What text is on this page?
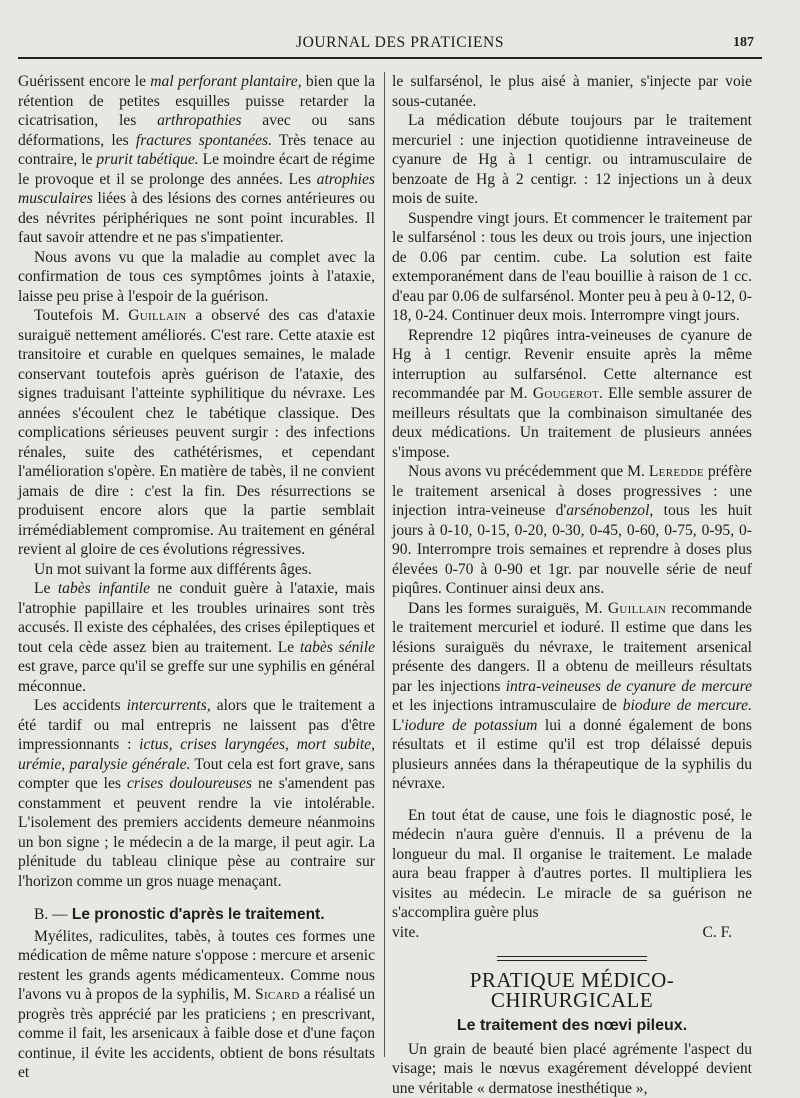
JOURNAL DES PRATICIENS	187

Guérissent encore le mal perforant plantaire, bien que la rétention de petites esquilles puisse retarder la cicatrisation, les arthropathies avec ou sans déformations, les fractures spontanées. Très tenace au contraire, le prurit tabétique. Le moindre écart de régime le provoque et il se prolonge des années. Les atrophies musculaires liées à des lésions des cornes antérieures ou des névrites périphériques ne sont point incurables. Il faut savoir attendre et ne pas s'impatienter.

Nous avons vu que la maladie au complet avec la confirmation de tous ces symptômes joints à l'ataxie, laisse peu prise à l'espoir de la guérison.

Toutefois M. Guillain a observé des cas d'ataxie suraiguë nettement améliorés. C'est rare. Cette ataxie est transitoire et curable en quelques semaines, le malade conservant toutefois après guérison de l'ataxie, des signes traduisant l'atteinte syphilitique du névraxe. Les années s'écoulent chez le tabétique classique. Des complications sérieuses peuvent surgir : des infections rénales, suite des cathétérismes, et cependant l'amélioration s'opère. En matière de tabès, il ne convient jamais de dire : c'est la fin. Des résurrections se produisent encore alors que la partie semblait irrémédiablement compromise. Au traitement en général revient al gloire de ces évolutions régressives.

Un mot suivant la forme aux différents âges.

Le tabès infantile ne conduit guère à l'ataxie, mais l'atrophie papillaire et les troubles urinaires sont très accusés. Il existe des céphalées, des crises épileptiques et tout cela cède assez bien au traitement. Le tabès sénile est grave, parce qu'il se greffe sur une syphilis en général méconnue.

Les accidents intercurrents, alors que le traitement a été tardif ou mal entrepris ne laissent pas d'être impressionnants : ictus, crises laryngées, mort subite, urémie, paralysie générale. Tout cela est fort grave, sans compter que les crises douloureuses ne s'amendent pas constamment et peuvent rendre la vie intolérable. L'isolement des premiers accidents demeure néanmoins un bon signe ; le médecin a de la marge, il peut agir. La plénitude du tableau clinique pèse au contraire sur l'horizon comme un gros nuage menaçant.

B. — Le pronostic d'après le traitement.

Myélites, radiculites, tabès, à toutes ces formes une médication de même nature s'oppose : mercure et arsenic restent les grands agents médicamenteux. Comme nous l'avons vu à propos de la syphilis, M. Sicard a réalisé un progrès très apprécié par les praticiens ; en prescrivant, comme il fait, les arsenicaux à faible dose et d'une façon continue, il évite les accidents, obtient de bons résultats et

le sulfarsénol, le plus aisé à manier, s'injecte par voie sous-cutanée.

La médication débute toujours par le traitement mercuriel : une injection quotidienne intraveineuse de cyanure de Hg à 1 centigr. ou intramusculaire de benzoate de Hg à 2 centigr. : 12 injections un à deux mois de suite.

Suspendre vingt jours. Et commencer le traitement par le sulfarsénol : tous les deux ou trois jours, une injection de 0.06 par centim. cube. La solution est faite extemporanément dans de l'eau bouillie à raison de 1 cc. d'eau par 0.06 de sulfarsénol. Monter peu à peu à 0-12, 0-18, 0-24. Continuer deux mois. Interrompre vingt jours.

Reprendre 12 piqûres intra-veineuses de cyanure de Hg à 1 centigr. Revenir ensuite après la même interruption au sulfarsénol. Cette alternance est recommandée par M. Gougerot. Elle semble assurer de meilleurs résultats que la combinaison simultanée des deux médications. Un traitement de plusieurs années s'impose.

Nous avons vu précédemment que M. Leredde préfère le traitement arsenical à doses progressives : une injection intra-veineuse d'arsénobenzol, tous les huit jours à 0-10, 0-15, 0-20, 0-30, 0-45, 0-60, 0-75, 0-95, 0-90. Interrompre trois semaines et reprendre à doses plus élevées 0-70 à 0-90 et 1gr. par nouvelle série de neuf piqûres. Continuer ainsi deux ans.

Dans les formes suraiguës, M. Guillain recommande le traitement mercuriel et ioduré. Il estime que dans les lésions suraiguës du névraxe, le traitement arsenical présente des dangers. Il a obtenu de meilleurs résultats par les injections intra-veineuses de cyanure de mercure et les injections intramusculaire de biodure de mercure. L'iodure de potassium lui a donné également de bons résultats et il estime qu'il est trop délaissé depuis plusieurs années dans la thérapeutique de la syphilis du névraxe.

En tout état de cause, une fois le diagnostic posé, le médecin n'aura guère d'ennuis. Il a prévenu de la longueur du mal. Il organise le traitement. Le malade aura beau frapper à d'autres portes. Il multipliera les visites au médecin. Le miracle de sa guérison ne s'accomplira guère plus

vite.	C. F.

PRATIQUE MÉDICO-CHIRURGICALE
Le traitement des nœvi pileux.

Un grain de beauté bien placé agrémente l'aspect du visage; mais le nœvus exagérement développé devient une véritable « dermatose inesthétique »,
